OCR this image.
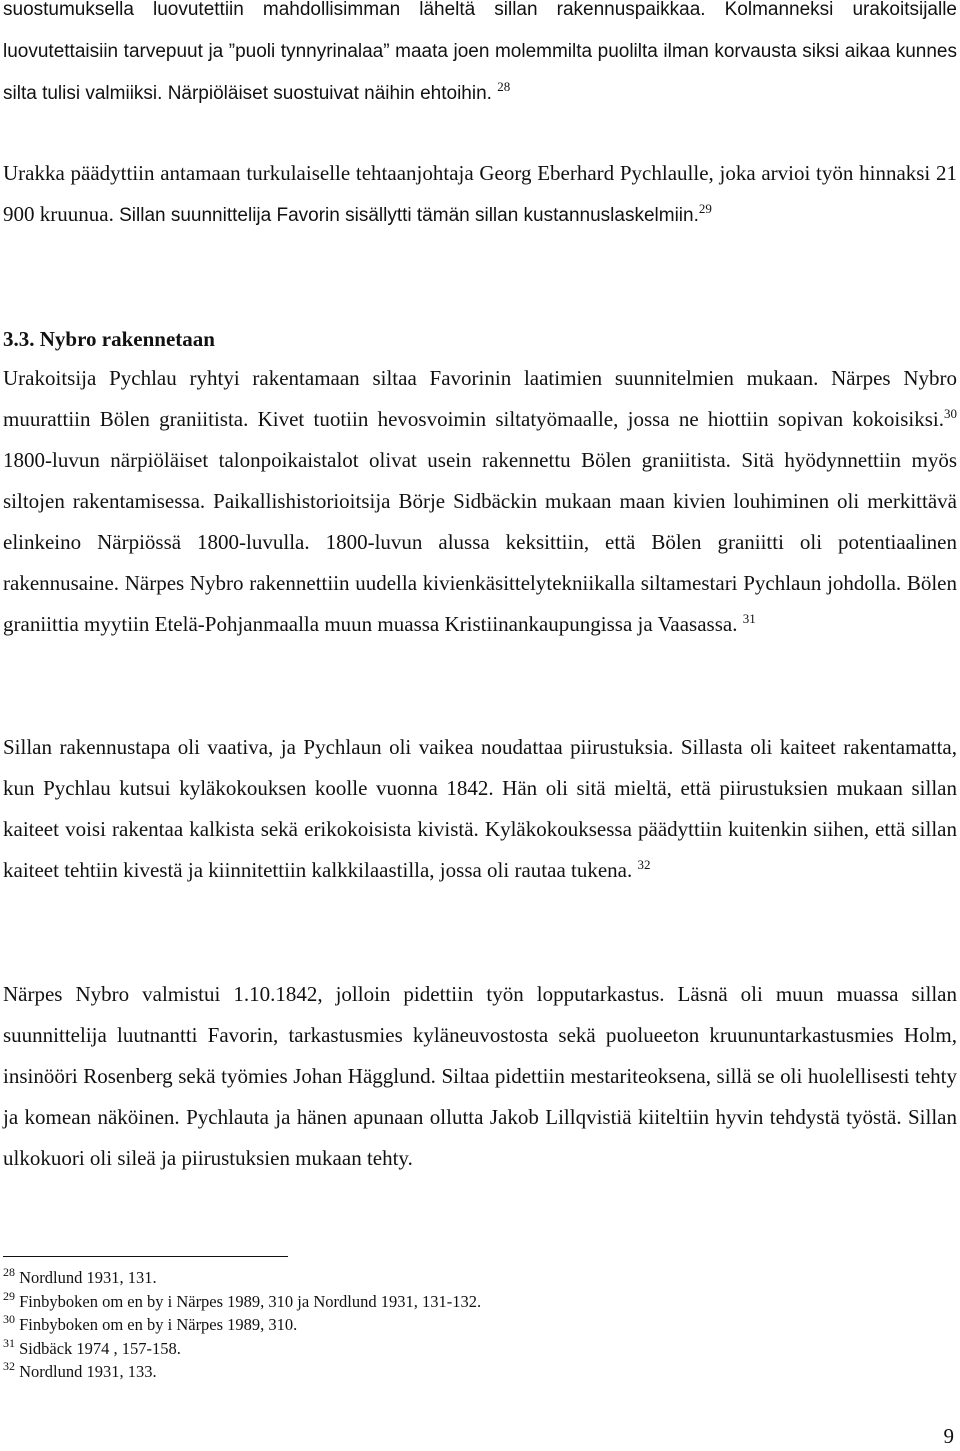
suostumuksella luovutettiin mahdollisimman läheltä sillan rakennuspaikkaa. Kolmanneksi urakoitsijalle luovutettaisiin tarvepuut ja ”puoli tynnyrinalaa” maata joen molemmilta puolilta ilman korvausta siksi aikaa kunnes silta tulisi valmiiksi. Närpiöläiset suostuivat näihin ehtoihin. $^{28}$

Urakka päädyttiin antamaan turkulaiselle tehtaanjohtaja Georg Eberhard Pychlaulle, joka arvioi työn hinnaksi 21 900 kruunua. Sillan suunnittelija Favorin sisällytti tämän sillan kustannuslaskelmiin.$^{29}$

3.3. Nybro rakennetaan

Urakoitsija Pychlau ryhtyi rakentamaan siltaa Favorinin laatimien suunnitelmien mukaan. Närpes Nybro muurattiin Bölen graniitista. Kivet tuotiin hevosvoimin siltatyömaalle, jossa ne hiottiin sopivan kokoisiksi.$^{30}$ 1800-luvun närpiöläiset talonpoikaistalot olivat usein rakennettu Bölen graniitista. Sitä hyödynnettiin myös siltojen rakentamisessa. Paikallishistorioitsija Börje Sidbäckin mukaan maan kivien louhiminen oli merkittävä elinkeino Närpiössä 1800-luvulla. 1800-luvun alussa keksittiin, että Bölen graniitti oli potentiaalinen rakennusaine. Närpes Nybro rakennettiin uudella kivienkäsittelytekniikalla siltamestari Pychlaun johdolla. Bölen graniittia myytiin Etelä-Pohjanmaalla muun muassa Kristiinankaupungissa ja Vaasassa. $^{31}$

Sillan rakennustapa oli vaativa, ja Pychlaun oli vaikea noudattaa piirustuksia. Sillasta oli kaiteet rakentamatta, kun Pychlau kutsui kyläkokouksen koolle vuonna 1842. Hän oli sitä mieltä, että piirustuksien mukaan sillan kaiteet voisi rakentaa kalkista sekä erikokoisista kivistä. Kyläkokouksessa päädyttiin kuitenkin siihen, että sillan kaiteet tehtiin kivestä ja kiinnitettiin kalkkilaastilla, jossa oli rautaa tukena. $^{32}$

Närpes Nybro valmistui 1.10.1842, jolloin pidettiin työn lopputarkastus. Läsnä oli muun muassa sillan suunnittelija luutnantti Favorin, tarkastusmies kyläneuvostosta sekä puolueeton kruununtarkastusmies Holm, insinööri Rosenberg sekä työmies Johan Hägglund. Siltaa pidettiin mestariteoksena, sillä se oli huolellisesti tehty ja komean näköinen. Pychlauta ja hänen apunaan ollutta Jakob Lillqvistiä kiiteltiin hyvin tehdystä työstä. Sillan ulkokuori oli sileä ja piirustuksien mukaan tehty.

$^{28}$ Nordlund 1931, 131.
$^{29}$ Finbyboken om en by i Närpes 1989, 310 ja Nordlund 1931, 131-132.
$^{30}$ Finbyboken om en by i Närpes 1989, 310.
$^{31}$ Sidbäck 1974 , 157-158.
$^{32}$ Nordlund 1931, 133.
9
